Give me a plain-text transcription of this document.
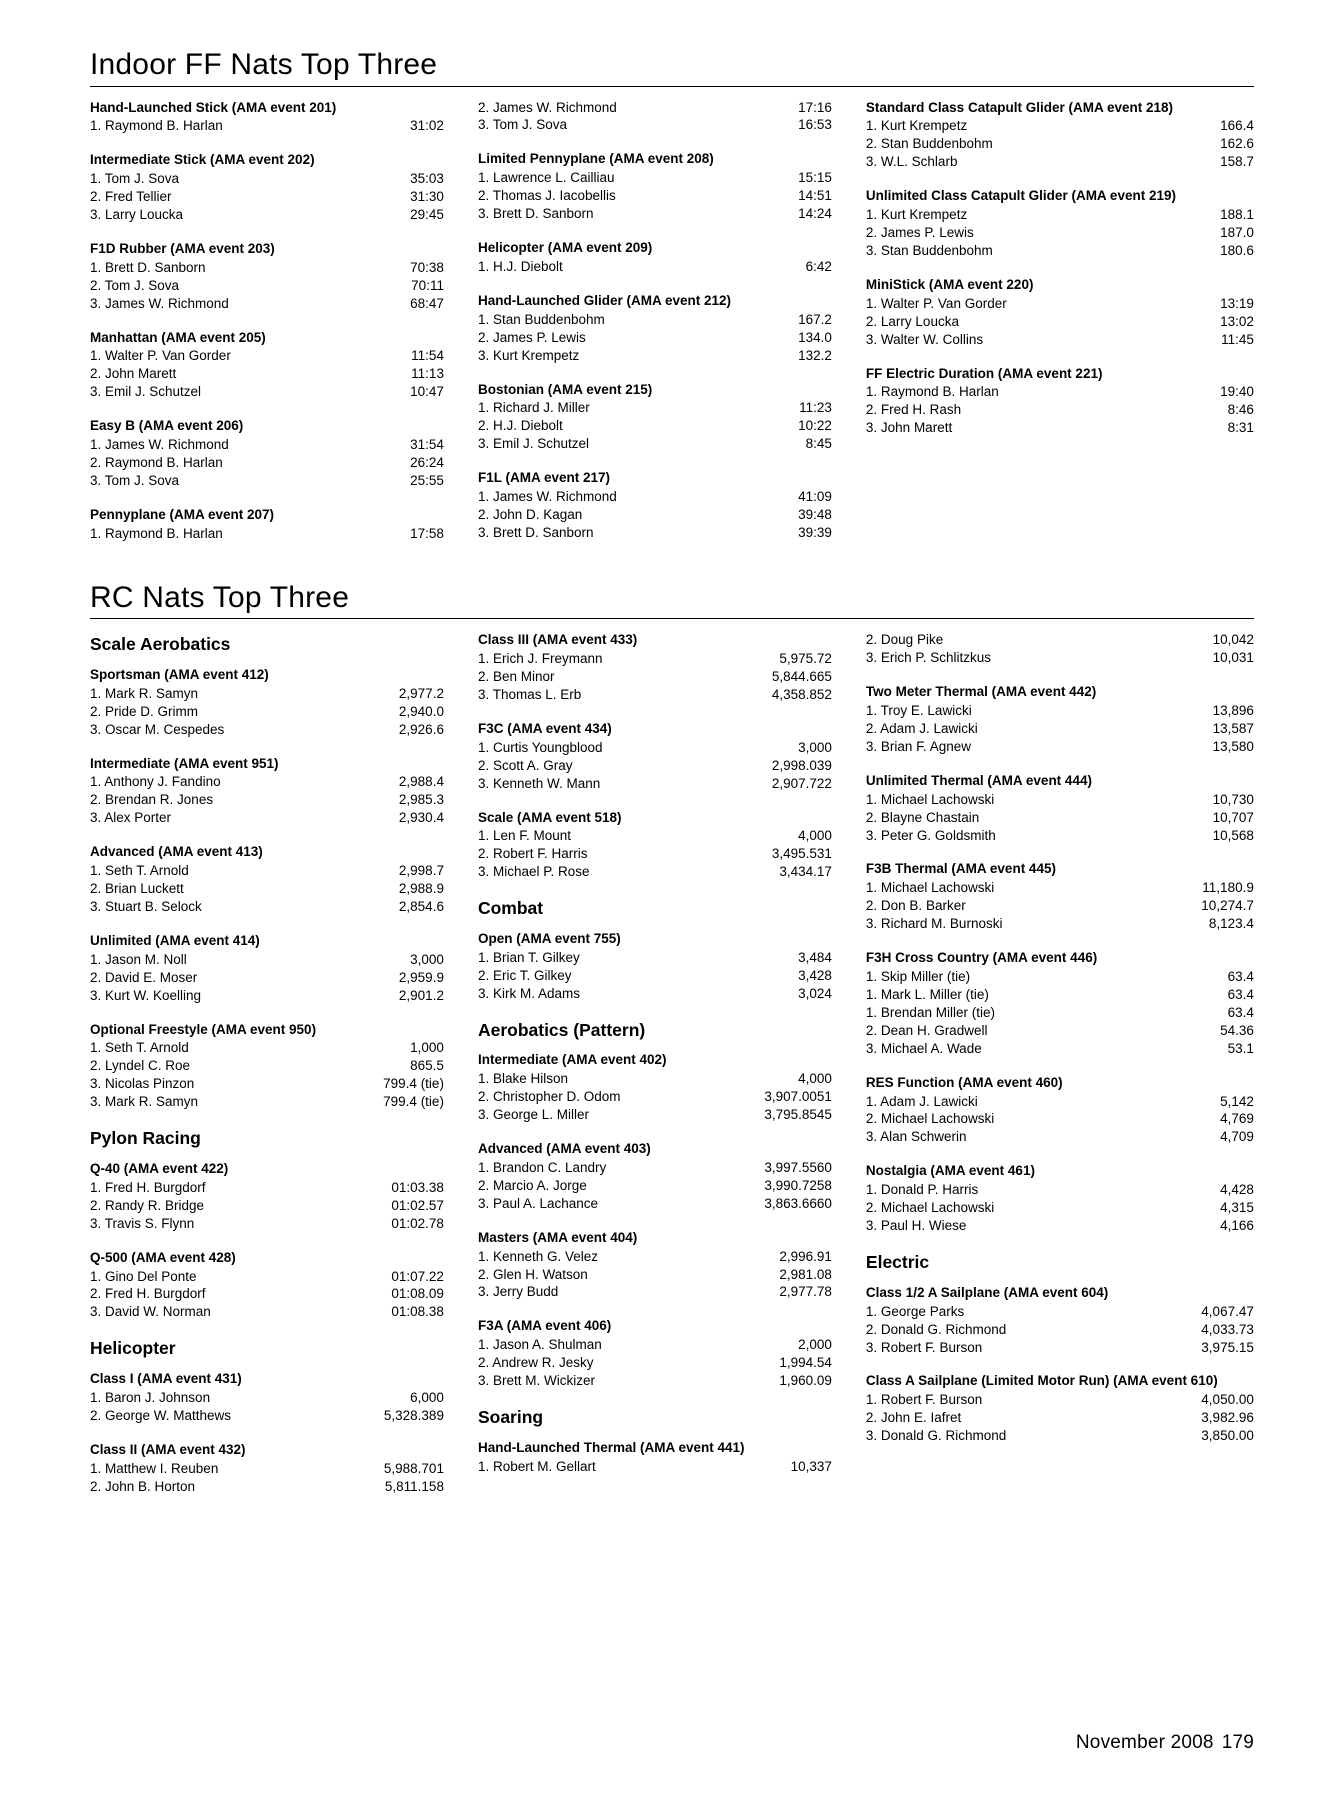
Indoor FF Nats Top Three
Hand-Launched Stick (AMA event 201)
1. Raymond B. Harlan	31:02
Intermediate Stick (AMA event 202)
1. Tom J. Sova	35:03
2. Fred Tellier	31:30
3. Larry Loucka	29:45
F1D Rubber (AMA event 203)
1. Brett D. Sanborn	70:38
2. Tom J. Sova	70:11
3. James W. Richmond	68:47
Manhattan (AMA event 205)
1. Walter P. Van Gorder	11:54
2. John Marett	11:13
3. Emil J. Schutzel	10:47
Easy B (AMA event 206)
1. James W. Richmond	31:54
2. Raymond B. Harlan	26:24
3. Tom J. Sova	25:55
Pennyplane (AMA event 207)
1. Raymond B. Harlan	17:58
2. James W. Richmond	17:16
3. Tom J. Sova	16:53
Limited Pennyplane (AMA event 208)
1. Lawrence L. Cailliau	15:15
2. Thomas J. Iacobellis	14:51
3. Brett D. Sanborn	14:24
Helicopter (AMA event 209)
1. H.J. Diebolt	6:42
Hand-Launched Glider (AMA event 212)
1. Stan Buddenbohm	167.2
2. James P. Lewis	134.0
3. Kurt Krempetz	132.2
Bostonian (AMA event 215)
1. Richard J. Miller	11:23
2. H.J. Diebolt	10:22
3. Emil J. Schutzel	8:45
F1L (AMA event 217)
1. James W. Richmond	41:09
2. John D. Kagan	39:48
3. Brett D. Sanborn	39:39
Standard Class Catapult Glider (AMA event 218)
1. Kurt Krempetz	166.4
2. Stan Buddenbohm	162.6
3. W.L. Schlarb	158.7
Unlimited Class Catapult Glider (AMA event 219)
1. Kurt Krempetz	188.1
2. James P. Lewis	187.0
3. Stan Buddenbohm	180.6
MiniStick (AMA event 220)
1. Walter P. Van Gorder	13:19
2. Larry Loucka	13:02
3. Walter W. Collins	11:45
FF Electric Duration (AMA event 221)
1. Raymond B. Harlan	19:40
2. Fred H. Rash	8:46
3. John Marett	8:31
RC Nats Top Three
Scale Aerobatics
Sportsman (AMA event 412)
1. Mark R. Samyn	2,977.2
2. Pride D. Grimm	2,940.0
3. Oscar M. Cespedes	2,926.6
Intermediate (AMA event 951)
1. Anthony J. Fandino	2,988.4
2. Brendan R. Jones	2,985.3
3. Alex Porter	2,930.4
Advanced (AMA event 413)
1. Seth T. Arnold	2,998.7
2. Brian Luckett	2,988.9
3. Stuart B. Selock	2,854.6
Unlimited (AMA event 414)
1. Jason M. Noll	3,000
2. David E. Moser	2,959.9
3. Kurt W. Koelling	2,901.2
Optional Freestyle (AMA event 950)
1. Seth T. Arnold	1,000
2. Lyndel C. Roe	865.5
3. Nicolas Pinzon	799.4 (tie)
3. Mark R. Samyn	799.4 (tie)
Pylon Racing
Q-40 (AMA event 422)
1. Fred H. Burgdorf	01:03.38
2. Randy R. Bridge	01:02.57
3. Travis S. Flynn	01:02.78
Q-500 (AMA event 428)
1. Gino Del Ponte	01:07.22
2. Fred H. Burgdorf	01:08.09
3. David W. Norman	01:08.38
Helicopter
Class I (AMA event 431)
1. Baron J. Johnson	6,000
2. George W. Matthews	5,328.389
Class II (AMA event 432)
1. Matthew I. Reuben	5,988.701
2. John B. Horton	5,811.158
Class III (AMA event 433)
1. Erich J. Freymann	5,975.72
2. Ben Minor	5,844.665
3. Thomas L. Erb	4,358.852
F3C (AMA event 434)
1. Curtis Youngblood	3,000
2. Scott A. Gray	2,998.039
3. Kenneth W. Mann	2,907.722
Scale (AMA event 518)
1. Len F. Mount	4,000
2. Robert F. Harris	3,495.531
3. Michael P. Rose	3,434.17
Combat
Open (AMA event 755)
1. Brian T. Gilkey	3,484
2. Eric T. Gilkey	3,428
3. Kirk M. Adams	3,024
Aerobatics (Pattern)
Intermediate (AMA event 402)
1. Blake Hilson	4,000
2. Christopher D. Odom	3,907.0051
3. George L. Miller	3,795.8545
Advanced (AMA event 403)
1. Brandon C. Landry	3,997.5560
2. Marcio A. Jorge	3,990.7258
3. Paul A. Lachance	3,863.6660
Masters (AMA event 404)
1. Kenneth G. Velez	2,996.91
2. Glen H. Watson	2,981.08
3. Jerry Budd	2,977.78
F3A (AMA event 406)
1. Jason A. Shulman	2,000
2. Andrew R. Jesky	1,994.54
3. Brett M. Wickizer	1,960.09
Soaring
Hand-Launched Thermal (AMA event 441)
1. Robert M. Gellart	10,337
2. Doug Pike	10,042
3. Erich P. Schlitzkus	10,031
Two Meter Thermal (AMA event 442)
1. Troy E. Lawicki	13,896
2. Adam J. Lawicki	13,587
3. Brian F. Agnew	13,580
Unlimited Thermal (AMA event 444)
1. Michael Lachowski	10,730
2. Blayne Chastain	10,707
3. Peter G. Goldsmith	10,568
F3B Thermal (AMA event 445)
1. Michael Lachowski	11,180.9
2. Don B. Barker	10,274.7
3. Richard M. Burnoski	8,123.4
F3H Cross Country (AMA event 446)
1. Skip Miller (tie)	63.4
1. Mark L. Miller (tie)	63.4
1. Brendan Miller (tie)	63.4
2. Dean H. Gradwell	54.36
3. Michael A. Wade	53.1
RES Function (AMA event 460)
1. Adam J. Lawicki	5,142
2. Michael Lachowski	4,769
3. Alan Schwerin	4,709
Nostalgia (AMA event 461)
1. Donald P. Harris	4,428
2. Michael Lachowski	4,315
3. Paul H. Wiese	4,166
Electric
Class 1/2 A Sailplane (AMA event 604)
1. George Parks	4,067.47
2. Donald G. Richmond	4,033.73
3. Robert F. Burson	3,975.15
Class A Sailplane (Limited Motor Run) (AMA event 610)
1. Robert F. Burson	4,050.00
2. John E. Iafret	3,982.96
3. Donald G. Richmond	3,850.00
November 2008 179
